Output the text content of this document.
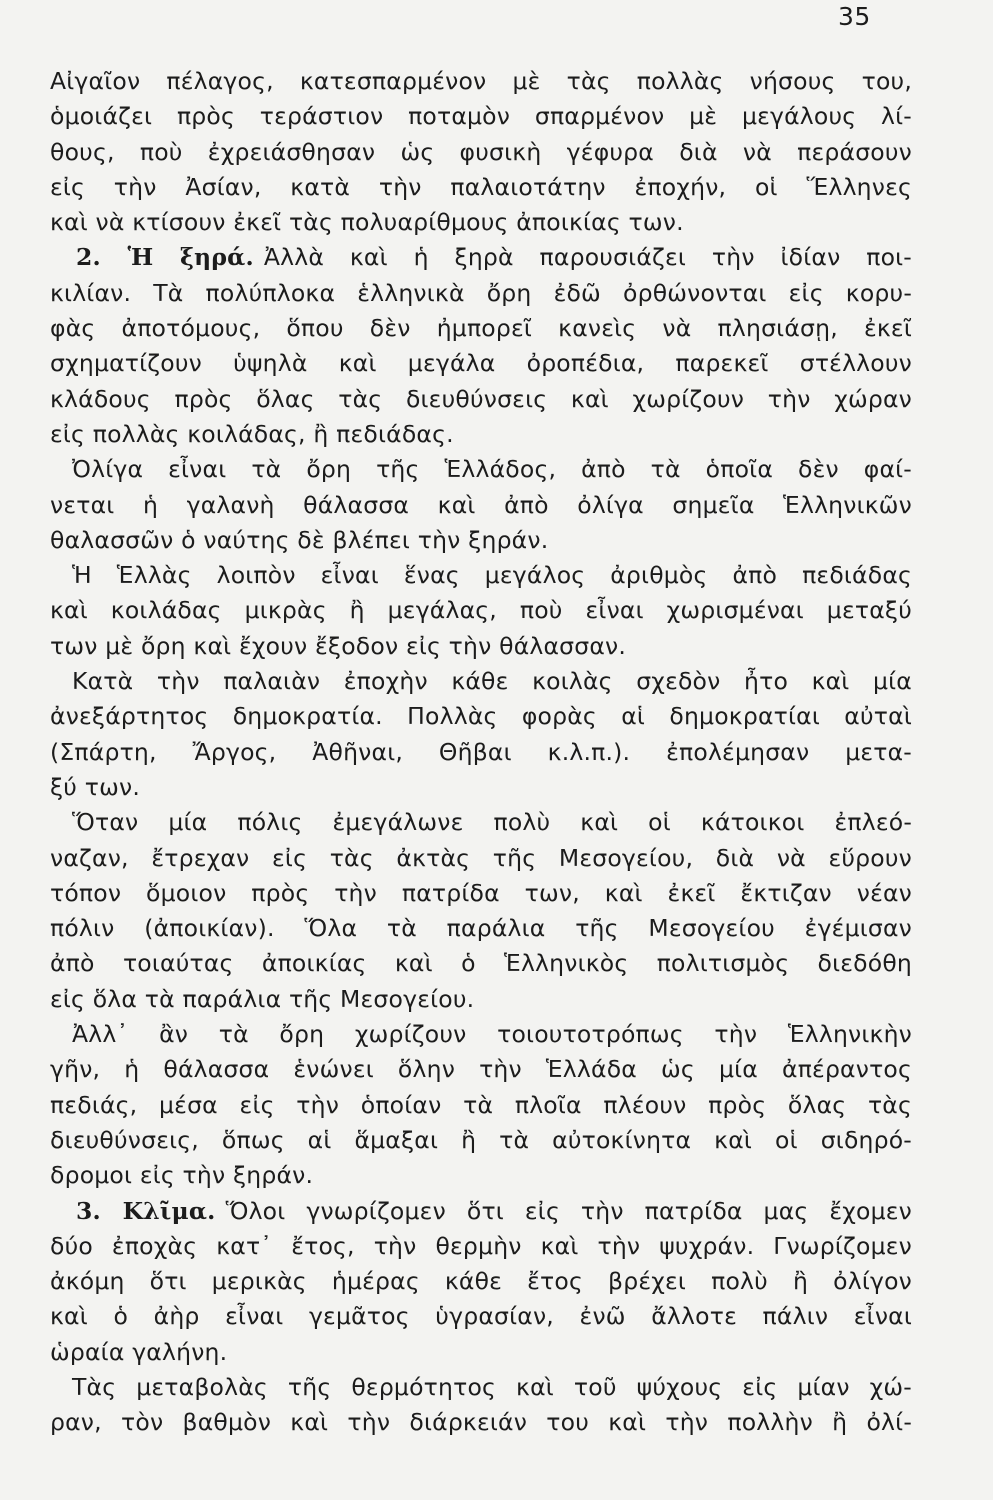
35
Αἰγαῖον πέλαγος, κατεσπαρμένον μὲ τὰς πολλὰς νήσους του,
ὁμοιάζει πρὸς τεράστιον ποταμὸν σπαρμένον μὲ μεγάλους λί-
θους, ποὺ ἐχρειάσθησαν ὡς φυσικὴ γέφυρα διὰ νὰ περάσουν
εἰς τὴν Ἀσίαν, κατὰ τὴν παλαιοτάτην ἐποχήν, οἱ Ἕλληνες
καὶ νὰ κτίσουν ἐκεῖ τὰς πολυαρίθμους ἀποικίας των.
2. Ἡ ξηρά. Ἀλλὰ καὶ ἡ ξηρὰ παρουσιάζει τὴν ἰδίαν ποι-
κιλίαν. Τὰ πολύπλοκα ἑλληνικὰ ὄρη ἐδῶ ὀρθώνονται εἰς κορυ-
φὰς ἀποτόμους, ὅπου δὲν ἠμπορεῖ κανεὶς νὰ πλησιάσῃ, ἐκεῖ
σχηματίζουν ὑψηλὰ καὶ μεγάλα ὀροπέδια, παρεκεῖ στέλλουν
κλάδους πρὸς ὅλας τὰς διευθύνσεις καὶ χωρίζουν τὴν χώραν
εἰς πολλὰς κοιλάδας, ἢ πεδιάδας.
Ὀλίγα εἶναι τὰ ὄρη τῆς Ἑλλάδος, ἀπὸ τὰ ὁποῖα δὲν φαί-
νεται ἡ γαλανὴ θάλασσα καὶ ἀπὸ ὀλίγα σημεῖα Ἑλληνικῶν
θαλασσῶν ὁ ναύτης δὲ βλέπει τὴν ξηράν.
Ἡ Ἑλλὰς λοιπὸν εἶναι ἕνας μεγάλος ἀριθμὸς ἀπὸ πεδιάδας
καὶ κοιλάδας μικρὰς ἢ μεγάλας, ποὺ εἶναι χωρισμέναι μεταξύ
των μὲ ὄρη καὶ ἔχουν ἔξοδον εἰς τὴν θάλασσαν.
Κατὰ τὴν παλαιὰν ἐποχὴν κάθε κοιλὰς σχεδὸν ἦτο καὶ μία
ἀνεξάρτητος δημοκρατία. Πολλὰς φορὰς αἱ δημοκρατίαι αὐταὶ
(Σπάρτη, Ἄργος, Ἀθῆναι, Θῆβαι κ.λ.π.). ἐπολέμησαν μετα-
ξύ των.
Ὅταν μία πόλις ἐμεγάλωνε πολὺ καὶ οἱ κάτοικοι ἐπλεό-
ναζαν, ἔτρεχαν εἰς τὰς ἀκτὰς τῆς Μεσογείου, διὰ νὰ εὕρουν
τόπον ὅμοιον πρὸς τὴν πατρίδα των, καὶ ἐκεῖ ἔκτιζαν νέαν
πόλιν (ἀποικίαν). Ὅλα τὰ παράλια τῆς Μεσογείου ἐγέμισαν
ἀπὸ τοιαύτας ἀποικίας καὶ ὁ Ἑλληνικὸς πολιτισμὸς διεδόθη
εἰς ὅλα τὰ παράλια τῆς Μεσογείου.
Ἀλλ᾽ ἂν τὰ ὄρη χωρίζουν τοιουτοτρόπως τὴν Ἑλληνικὴν
γῆν, ἡ θάλασσα ἑνώνει ὅλην τὴν Ἑλλάδα ὡς μία ἀπέραντος
πεδιάς, μέσα εἰς τὴν ὁποίαν τὰ πλοῖα πλέουν πρὸς ὅλας τὰς
διευθύνσεις, ὅπως αἱ ἅμαξαι ἢ τὰ αὐτοκίνητα καὶ οἱ σιδηρό-
δρομοι εἰς τὴν ξηράν.
3. Κλῖμα. Ὅλοι γνωρίζομεν ὅτι εἰς τὴν πατρίδα μας ἔχομεν
δύο ἐποχὰς κατ᾽ ἔτος, τὴν θερμὴν καὶ τὴν ψυχράν. Γνωρίζομεν
ἀκόμη ὅτι μερικὰς ἡμέρας κάθε ἔτος βρέχει πολὺ ἢ ὀλίγον
καὶ ὁ ἀὴρ εἶναι γεμᾶτος ὑγρασίαν, ἐνῶ ἄλλοτε πάλιν εἶναι
ὡραία γαλήνη.
Τὰς μεταβολὰς τῆς θερμότητος καὶ τοῦ ψύχους εἰς μίαν χώ-
ραν, τὸν βαθμὸν καὶ τὴν διάρκειάν του καὶ τὴν πολλὴν ἢ ὀλί-
